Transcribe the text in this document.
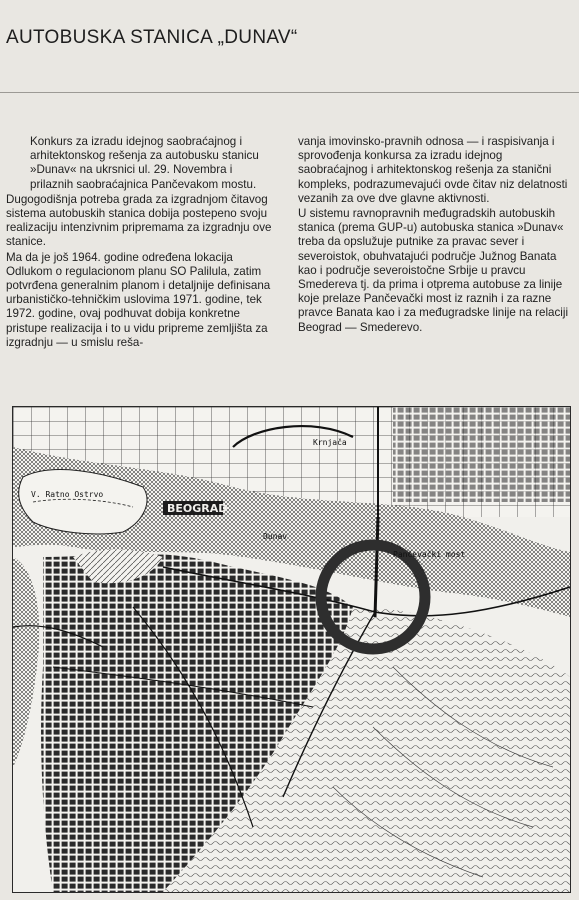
AUTOBUSKA STANICA „DUNAV“

Konkurs za izradu idejnog saobraćajnog i arhitektonskog rešenja za autobusku stanicu »Dunav« na ukrsnici ul. 29. Novembra i prilaznih saobraćajnica Pančevakom mostu.

Dugogodišnja potreba grada za izgradnjom čitavog sistema autobuskih stanica dobija postepeno svoju realizaciju intenzivnim pripremama za izgradnju ove stanice.

Ma da je još 1964. godine određena lokacija Odlukom o regulacionom planu SO Palilula, zatim potvrđena generalnim planom i detaljnije definisana urbanističko-tehničkim uslovima 1971. godine, tek 1972. godine, ovaj podhuvat dobija konkretne pristupe realizacija i to u vidu pripreme zemljišta za izgradnju — u smislu reša-

vanja imovinsko-pravnih odnosa — i raspisivanja i sprovođenja konkursa za izradu idejnog saobraćajnog i arhitektonskog rešenja za stanični kompleks, podrazumevajući ovde čitav niz delatnosti vezanih za ove dve glavne aktivnosti.

U sistemu ravnopravnih međugradskih autobuskih stanica (prema GUP-u) autobuska stanica »Dunav« treba da opslužuje putnike za pravac sever i severoistok, obuhvatajući područje Južnog Banata kao i područje severoistočne Srbije u pravcu Smedereva tj. da prima i otprema autobuse za linije koje prelaze Pančevački most iz raznih i za razne pravce Banata kao i za međugradske linije na relaciji Beograd — Smederevo.

V. Ratno Ostrvo
BEOGRAD
Krnjača
Dunav
Pančevački most
